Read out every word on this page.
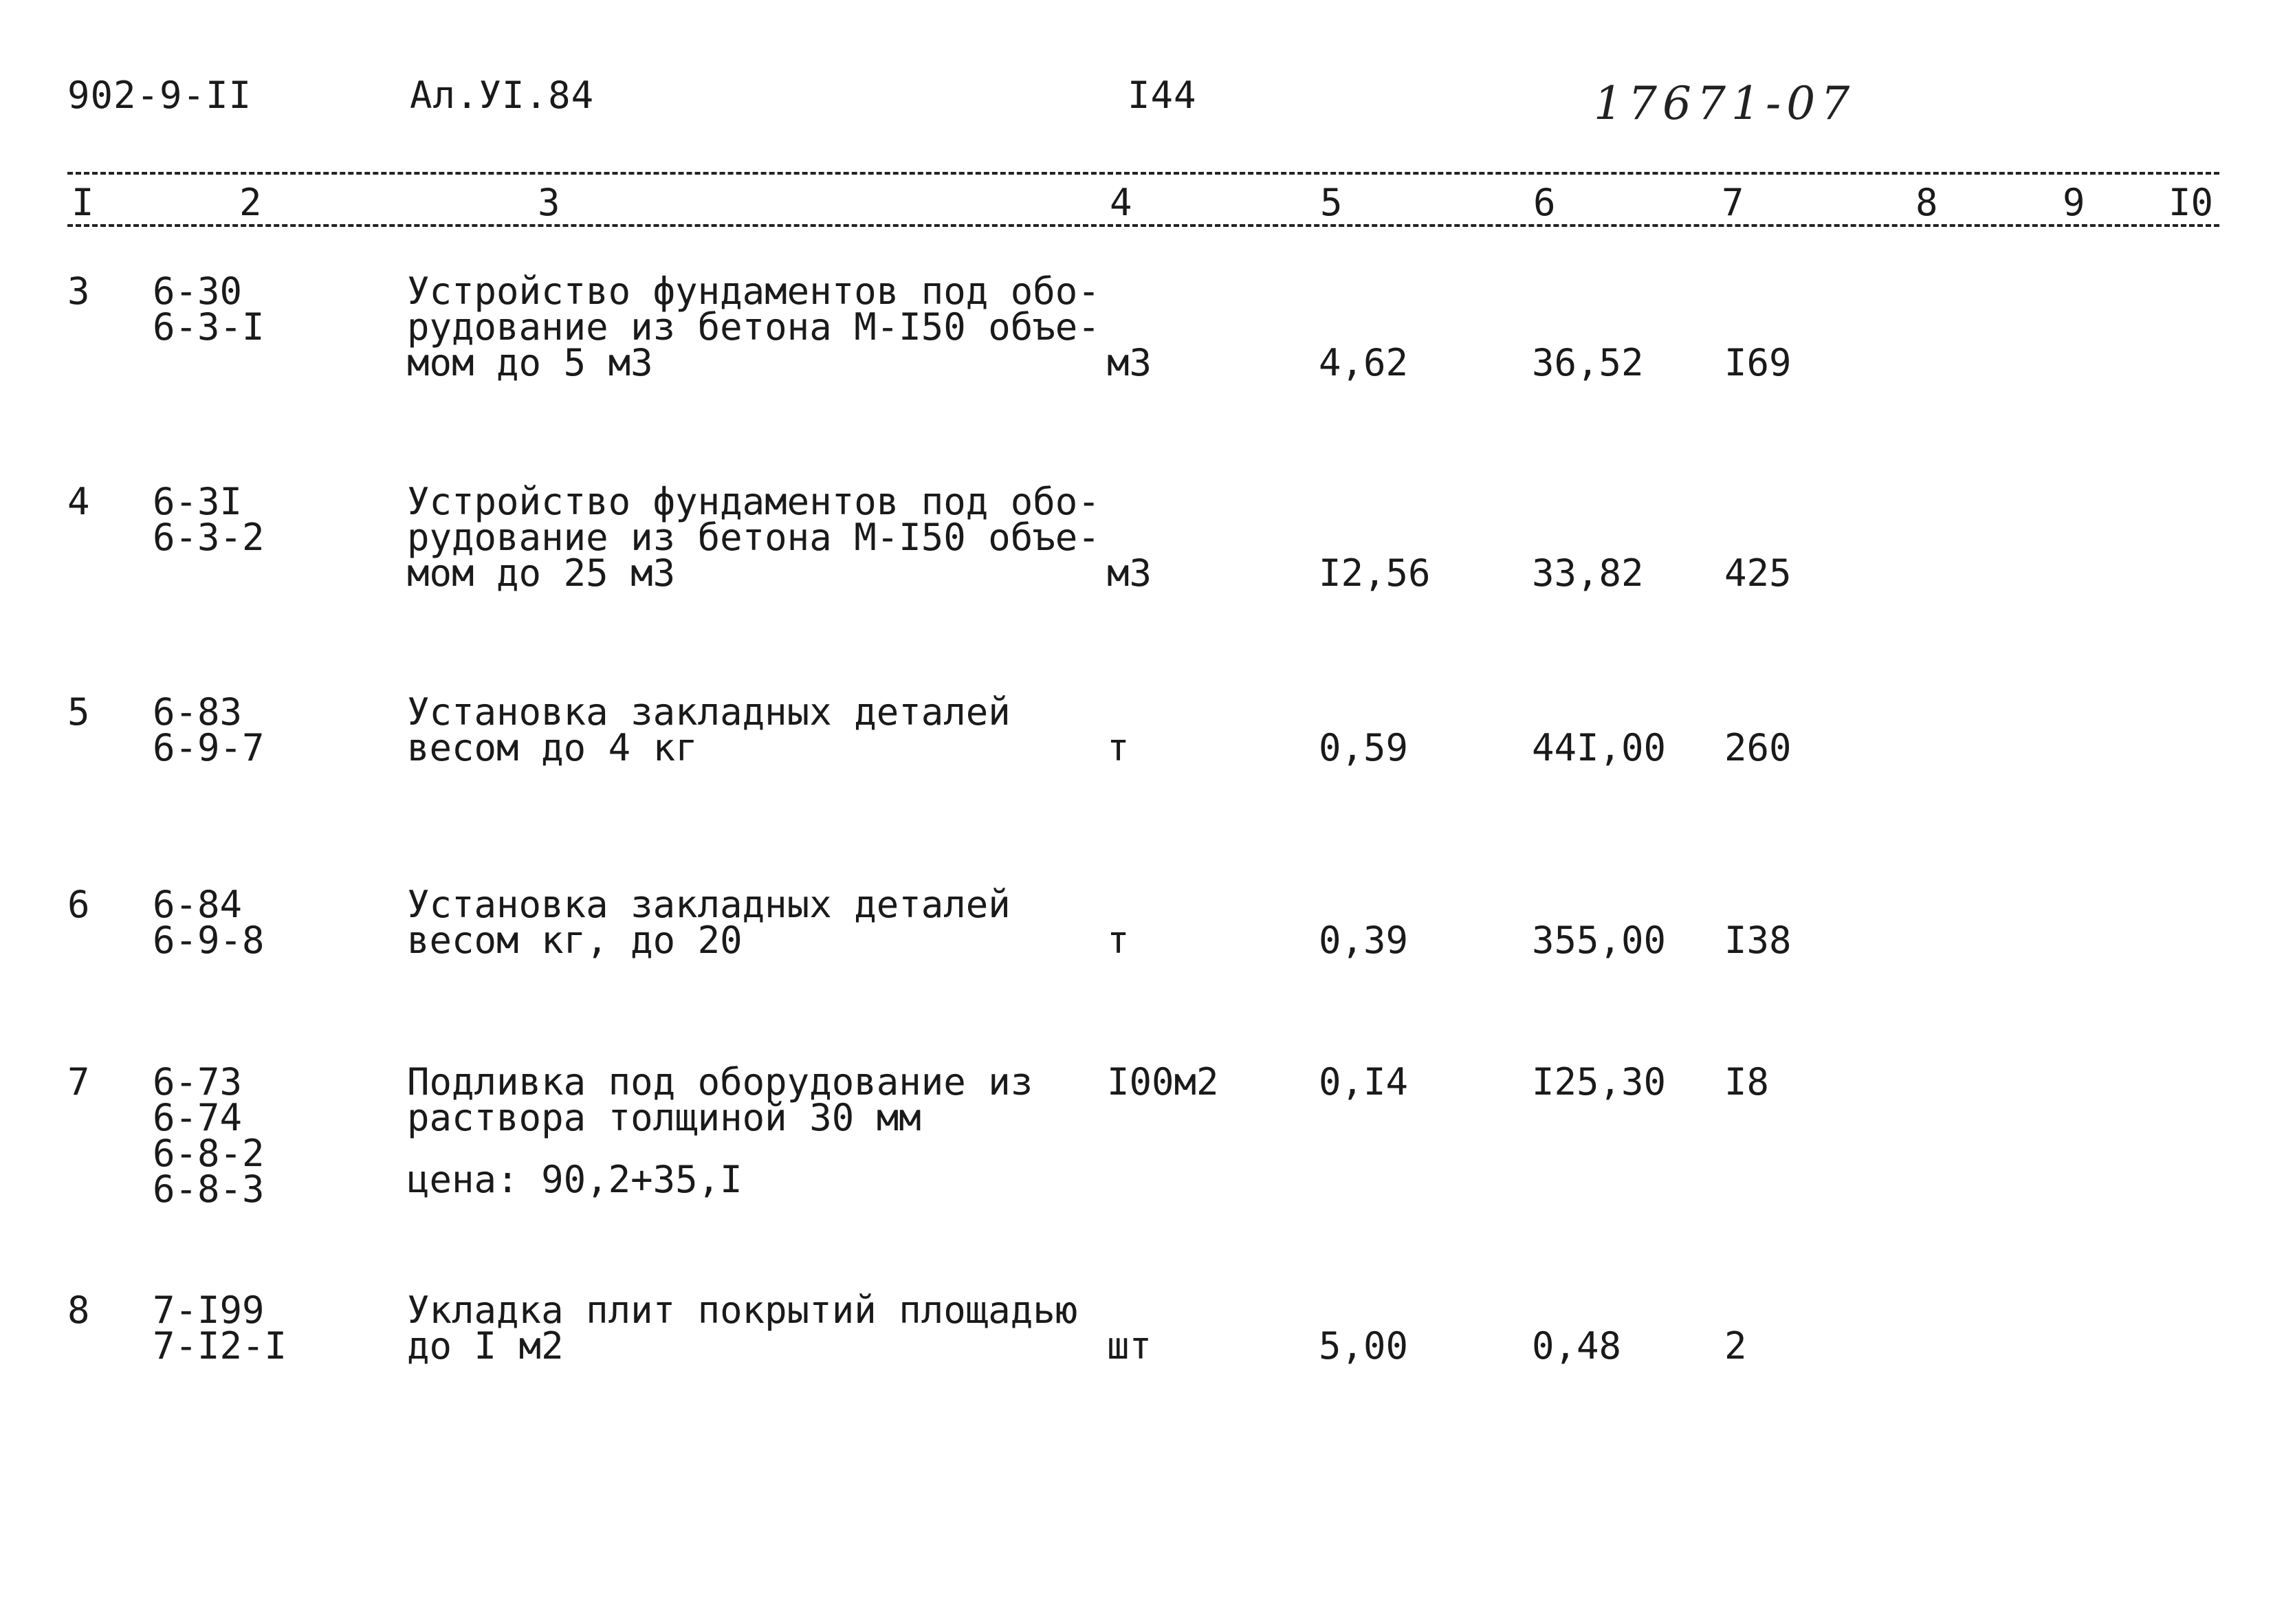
902-9-II	Ал.УI.84	I44	17671-07
I	2	3	4	5	6	7	8	9 I0
3 6-30
6-3-I
Устройство фундаментов под обо-
рудование из бетона М-I50 объе-
мом до 5 м3	м3	4,62	36,52 I69
4 6-3I
6-3-2
Устройство фундаментов под обо-
рудование из бетона М-I50 объе-
мом до 25 м3	м3	I2,56	33,82 425
5 6-83
6-9-7
Установка закладных деталей
весом до 4 кг	т	0,59	44I,00 260
6 6-84
6-9-8
Установка закладных деталей
весом кг, до 20	т	0,39	355,00 I38
7 6-73
6-74
6-8-2
6-8-3
Подливка под оборудование из
раствора толщиной 30 мм
цена: 90,2+35,I
I00м2	0,I4	I25,30 I8
8 7-I99
7-I2-I
Укладка плит покрытий площадью
до I м2	шт	5,00	0,48	2
